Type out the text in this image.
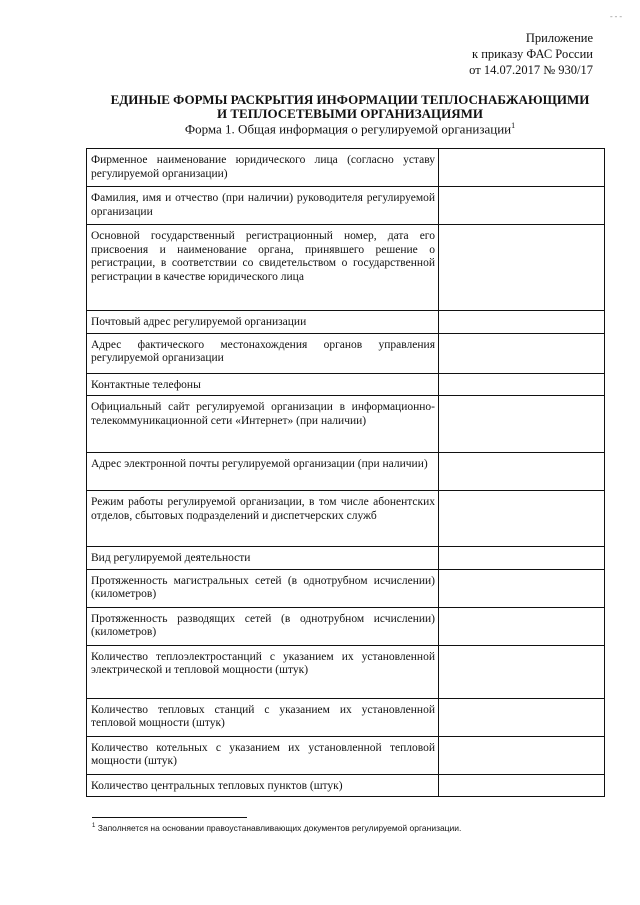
- - -
Приложение
к приказу ФАС России
от 14.07.2017 № 930/17
ЕДИНЫЕ ФОРМЫ РАСКРЫТИЯ ИНФОРМАЦИИ ТЕПЛОСНАБЖАЮЩИМИ
И ТЕПЛОСЕТЕВЫМИ ОРГАНИЗАЦИЯМИ
Форма 1. Общая информация о регулируемой организации$^1$
Фирменное наименование юридического лица (согласно уставу регулируемой организации)	
Фамилия, имя и отчество (при наличии) руководителя регулируемой организации	
Основной государственный регистрационный номер, дата его присвоения и наименование органа, принявшего решение о регистрации, в соответствии со свидетельством о государственной регистрации в качестве юридического лица	
Почтовый адрес регулируемой организации	
Адрес фактического местонахождения органов управления регулируемой организации	
Контактные телефоны	
Официальный сайт регулируемой организации в информационно-телекоммуникационной сети «Интернет» (при наличии)	
Адрес электронной почты регулируемой организации (при наличии)	
Режим работы регулируемой организации, в том числе абонентских отделов, сбытовых подразделений и диспетчерских служб	
Вид регулируемой деятельности	
Протяженность магистральных сетей (в однотрубном исчислении) (километров)	
Протяженность разводящих сетей (в однотрубном исчислении) (километров)	
Количество теплоэлектростанций с указанием их установленной электрической и тепловой мощности (штук)	
Количество тепловых станций с указанием их установленной тепловой мощности (штук)	
Количество котельных с указанием их установленной тепловой мощности (штук)	
Количество центральных тепловых пунктов (штук)	
$^1$ Заполняется на основании правоустанавливающих документов регулируемой организации.
